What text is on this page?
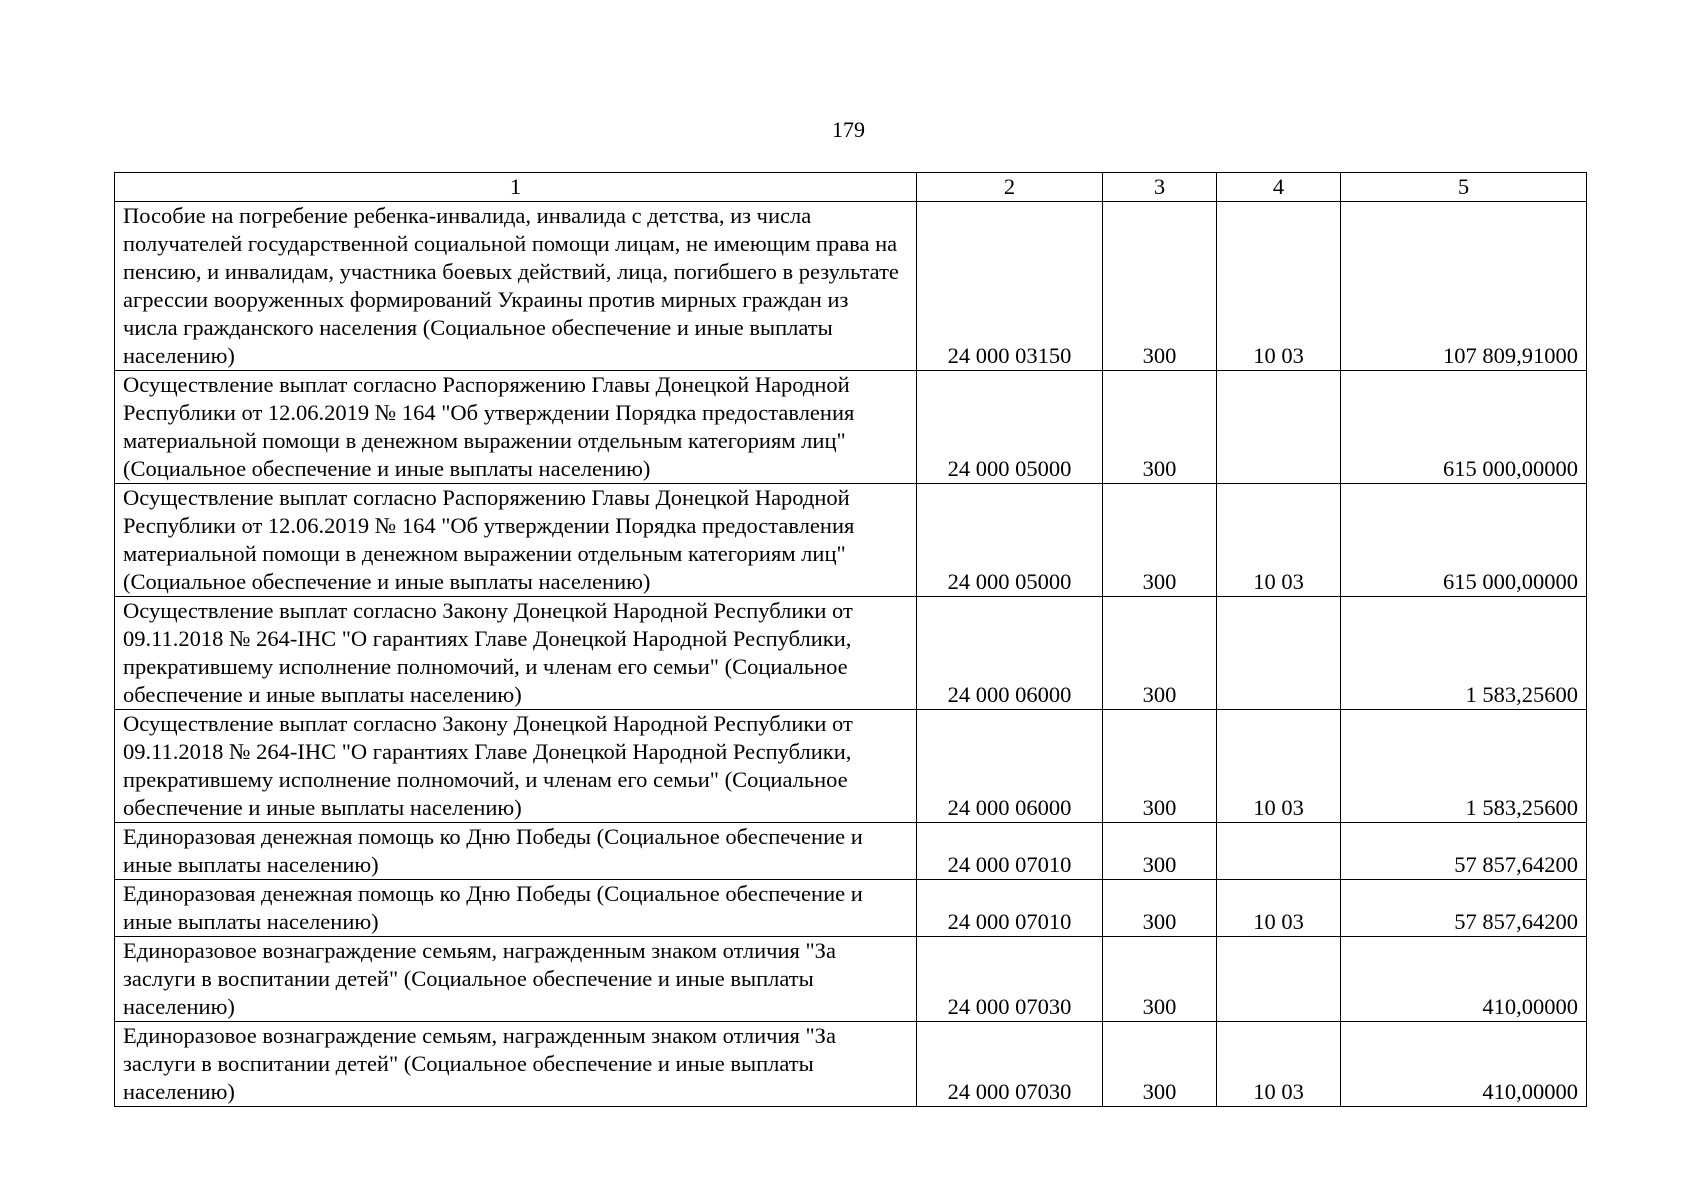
179
1	2	3	4	5
Пособие на погребение ребенка-инвалида, инвалида с детства, из числа получателей государственной социальной помощи лицам, не имеющим права на пенсию, и инвалидам, участника боевых действий, лица, погибшего в результате агрессии вооруженных формирований Украины против мирных граждан из числа гражданского населения (Социальное обеспечение и иные выплаты населению)	24 000 03150	300	10 03	107 809,91000
Осуществление выплат согласно Распоряжению Главы Донецкой Народной Республики от 12.06.2019 № 164 "Об утверждении Порядка предоставления материальной помощи в денежном выражении отдельным категориям лиц" (Социальное обеспечение и иные выплаты населению)	24 000 05000	300		615 000,00000
Осуществление выплат согласно Распоряжению Главы Донецкой Народной Республики от 12.06.2019 № 164 "Об утверждении Порядка предоставления материальной помощи в денежном выражении отдельным категориям лиц" (Социальное обеспечение и иные выплаты населению)	24 000 05000	300	10 03	615 000,00000
Осуществление выплат согласно Закону Донецкой Народной Республики от 09.11.2018 № 264-IНС "О гарантиях Главе Донецкой Народной Республики, прекратившему исполнение полномочий, и членам его семьи" (Социальное обеспечение и иные выплаты населению)	24 000 06000	300		1 583,25600
Осуществление выплат согласно Закону Донецкой Народной Республики от 09.11.2018 № 264-IНС "О гарантиях Главе Донецкой Народной Республики, прекратившему исполнение полномочий, и членам его семьи" (Социальное обеспечение и иные выплаты населению)	24 000 06000	300	10 03	1 583,25600
Единоразовая денежная помощь ко Дню Победы (Социальное обеспечение и иные выплаты населению)	24 000 07010	300		57 857,64200
Единоразовая денежная помощь ко Дню Победы (Социальное обеспечение и иные выплаты населению)	24 000 07010	300	10 03	57 857,64200
Единоразовое вознаграждение семьям, награжденным знаком отличия "За заслуги в воспитании детей" (Социальное обеспечение и иные выплаты населению)	24 000 07030	300		410,00000
Единоразовое вознаграждение семьям, награжденным знаком отличия "За заслуги в воспитании детей" (Социальное обеспечение и иные выплаты населению)	24 000 07030	300	10 03	410,00000
